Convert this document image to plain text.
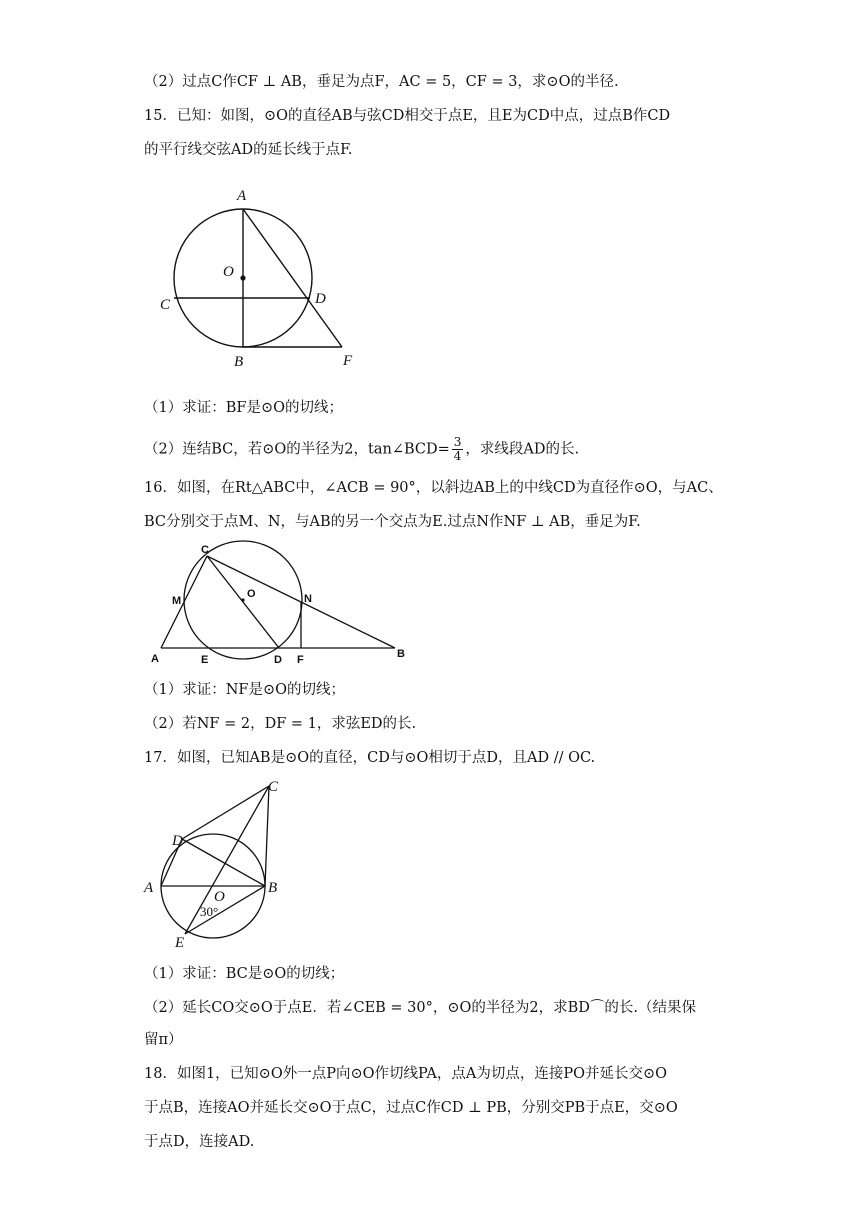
（2）过点C作CF ⊥ AB，垂足为点F，AC = 5，CF = 3，求⊙O的半径.
15．已知：如图，⊙O的直径AB与弦CD相交于点E，且E为CD中点，过点B作CD
的平行线交弦AD的延长线于点F.
A
O
C	D
B	F
（1）求证：BF是⊙O的切线；
（2）连结BC，若⊙O的半径为2，tan∠BCD= $\frac{3}{4}$ ，求线段AD的长.
16．如图，在Rt△ABC中，∠ACB = 90°，以斜边AB上的中线CD为直径作⊙O，与AC、
BC分别交于点M、N，与AB的另一个交点为E.过点N作NF ⊥ AB，垂足为F.
C
M
O	N
A	E	D F	B
（1）求证：NF是⊙O的切线；
（2）若NF = 2，DF = 1，求弦ED的长.
17．如图，已知AB是⊙O的直径，CD与⊙O相切于点D，且AD // OC.
C
D
A
O
B
E
30°
（1）求证：BC是⊙O的切线；
（2）延长CO交⊙O于点E．若∠CEB = 30°，⊙O的半径为2，求BD⌒的长.（结果保
留π）
18．如图1，已知⊙O外一点P向⊙O作切线PA，点A为切点，连接PO并延长交⊙O
于点B，连接AO并延长交⊙O于点C，过点C作CD ⊥ PB，分别交PB于点E，交⊙O
于点D，连接AD.
